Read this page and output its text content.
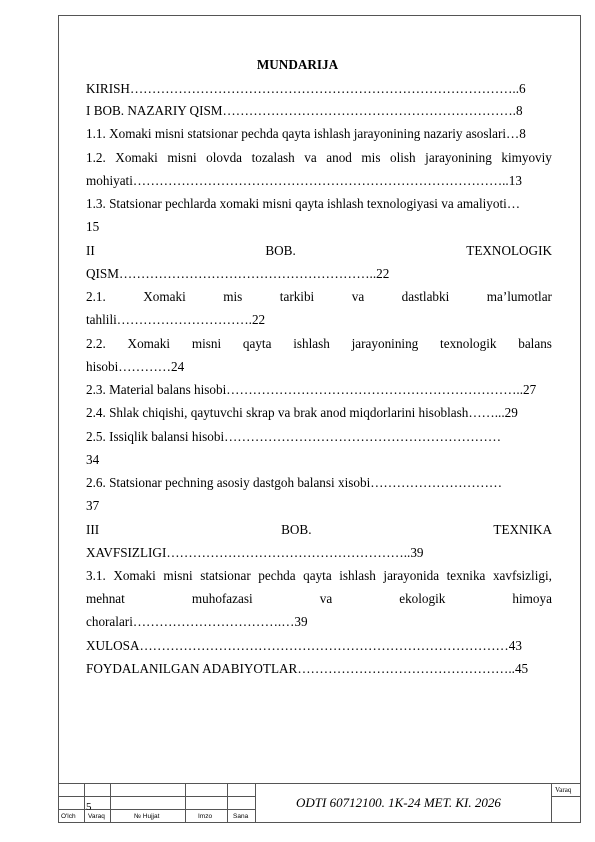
MUNDARIJA
KIRISH……………………………………………………………………………..6
I BOB. NAZARIY QISM………………………………………………………….8
1.1. Xomaki misni statsionar pechda qayta ishlash jarayonining nazariy asoslari…8
1.2. Xomaki misni olovda tozalash va anod mis olish jarayonining kimyoviy
mohiyati…………………………………………………………………………..13
1.3. Statsionar pechlarda xomaki misni qayta ishlash texnologiyasi va amaliyoti…
15
II	BOB.	TEXNOLOGIK
QISM…………………………………………………..22
2.1.	Xomaki	mis	tarkibi	va	dastlabki	ma’lumotlar
tahlili………………………….22
2.2. Xomaki misni qayta ishlash jarayonining texnologik balans
hisobi…………24
2.3. Material balans hisobi…………………………………………………………..27
2.4. Shlak chiqishi, qaytuvchi skrap va brak anod miqdorlarini hisoblash……...29
2.5. Issiqlik balansi hisobi………………………………………………………
34
2.6. Statsionar pechning asosiy dastgoh balansi xisobi…………………………
37
III	BOB.	TEXNIKA
XAVFSIZLIGI………………………………………………..39
3.1. Xomaki misni statsionar pechda qayta ishlash jarayonida texnika xavfsizligi,
mehnat	muhofazasi	va	ekologik	himoya
choralari…………………………….…39
XULOSA…………………………………………………………………………43
FOYDALANILGAN ADABIYOTLAR…………………………………………..45
5
O'lch Varaq	№ Hujjat	Imzo	Sana
ODTI 60712100. 1K-24 MET. KI. 2026
Varaq
